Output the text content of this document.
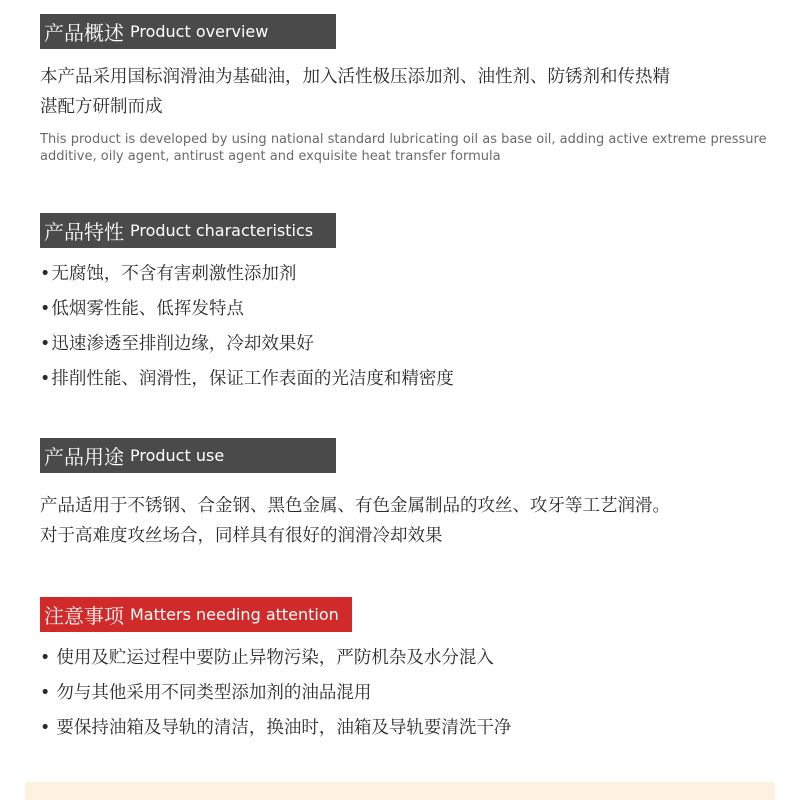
产品概述 Product overview

本产品采用国标润滑油为基础油，加入活性极压添加剂、油性剂、防锈剂和传热精
湛配方研制而成

This product is developed by using national standard lubricating oil as base oil, adding active extreme pressure
additive, oily agent, antirust agent and exquisite heat transfer formula

产品特性 Product characteristics
•无腐蚀，不含有害刺激性添加剂
•低烟雾性能、低挥发特点
•迅速渗透至排削边缘，冷却效果好
•排削性能、润滑性，保证工作表面的光洁度和精密度
产品用途 Product use

产品适用于不锈钢、合金钢、黑色金属、有色金属制品的攻丝、攻牙等工艺润滑。
对于高难度攻丝场合，同样具有很好的润滑冷却效果

注意事项 Matters needing attention
• 使用及贮运过程中要防止异物污染，严防机杂及水分混入
• 勿与其他采用不同类型添加剂的油品混用
• 要保持油箱及导轨的清洁，换油时，油箱及导轨要清洗干净
